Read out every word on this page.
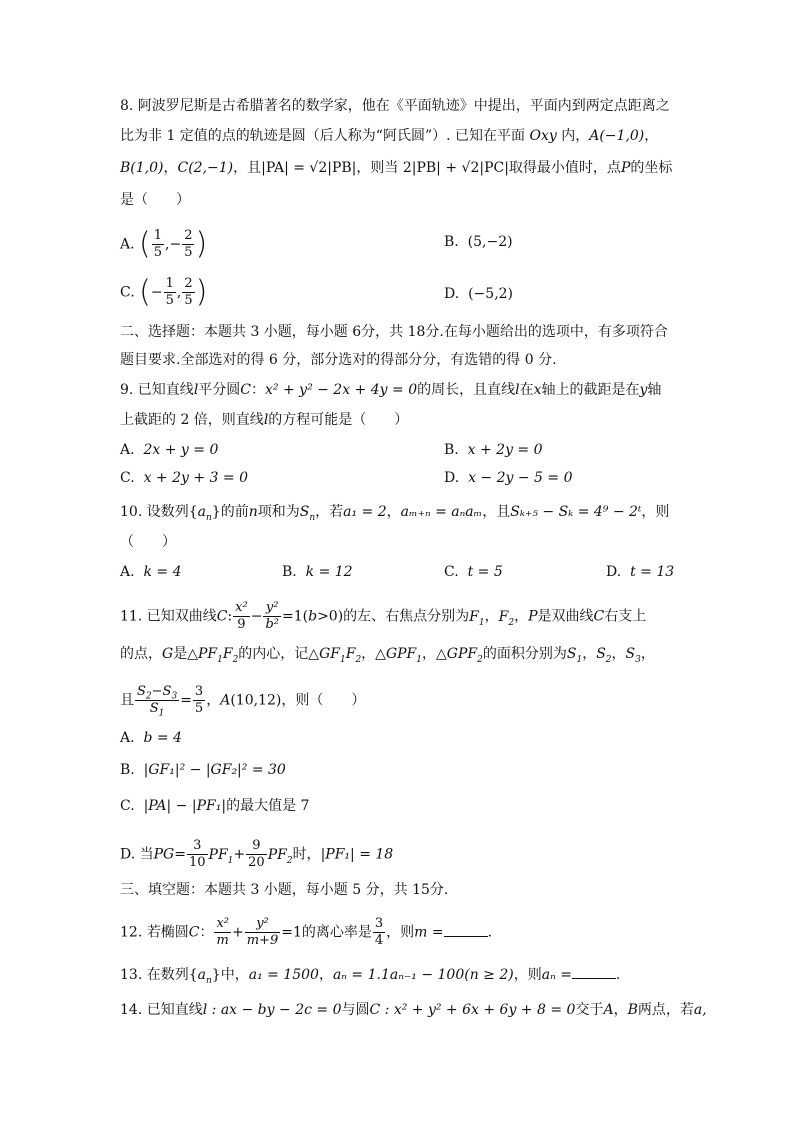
8. 阿波罗尼斯是古希腊著名的数学家，他在《平面轨迹》中提出，平面内到两定点距离之
比为非 1 定值的点的轨迹是圆（后人称为“阿氏圆”）. 已知在平面 Oxy 内，A(−1,0)，
B(1,0)，C(2,−1)，且|PA| = √2|PB|，则当 2|PB| + √2|PC|取得最小值时，点P的坐标
是（　　）
A. ( $\frac{1}{5}$ ,− $\frac{2}{5}$ )	B. (5,−2)
C. (− $\frac{1}{5}$ , $\frac{2}{5}$ )	D. (−5,2)
二、选择题：本题共 3 小题，每小题 6分，共 18分.在每小题给出的选项中，有多项符合
题目要求.全部选对的得 6 分，部分选对的得部分分，有选错的得 0 分.
9. 已知直线l平分圆C：x² + y² − 2x + 4y = 0的周长，且直线l在x轴上的截距是在y轴
上截距的 2 倍，则直线l的方程可能是（　　）
A.  2x + y = 0	B.  x + 2y = 0
C.  x + 2y + 3 = 0	D.  x − 2y − 5 = 0
10. 设数列$\{a_n\}$的前n项和为$S_n$，若a₁ = 2，aₘ₊ₙ = aₙaₘ，且Sₖ₊₅ − Sₖ = 4⁹ − 2ᵗ，则
（　　）
A.  k = 4	B.  k = 12	C.  t = 5	D.  t = 13
11. 已知双曲线C: $\frac{\text{x²}}{9} - \frac{\text{y²}}{\text{b²}} =1(b>0)$的左、右焦点分别为$F_1$，$F_2$，P是双曲线C右支上
的点，G是$\triangle PF_1F_2$的内心，记$\triangle GF_1F_2$，$\triangle GPF_1$，$\triangle GPF_2$的面积分别为$S_1$，$S_2$，$S_3$，
且 $\frac{S_2-S_3}{S_1} = \frac{3}{5}$ ，A(10,12)，则（　　）
A.  b = 4
B.  |GF₁|² − |GF₂|² = 30
C.  |PA| − |PF₁|的最大值是 7
D. 当$PG= \frac{3}{10} PF_1+ \frac{9}{20} PF_2$时，|PF₁| = 18
三、填空题：本题共 3 小题，每小题 5 分，共 15分.
12. 若椭圆C： $\frac{\text{x²}}{m} + \frac{\text{y²}}{m+9} =1$的离心率是 $\frac{3}{4}$ ，则m =	.
13. 在数列$\{a_n\}$中，a₁ = 1500，aₙ = 1.1aₙ₋₁ − 100(n ≥ 2)，则aₙ =	.
14. 已知直线l : ax − by − 2c = 0与圆C : x² + y² + 6x + 6y + 8 = 0交于A，B两点，若a,
